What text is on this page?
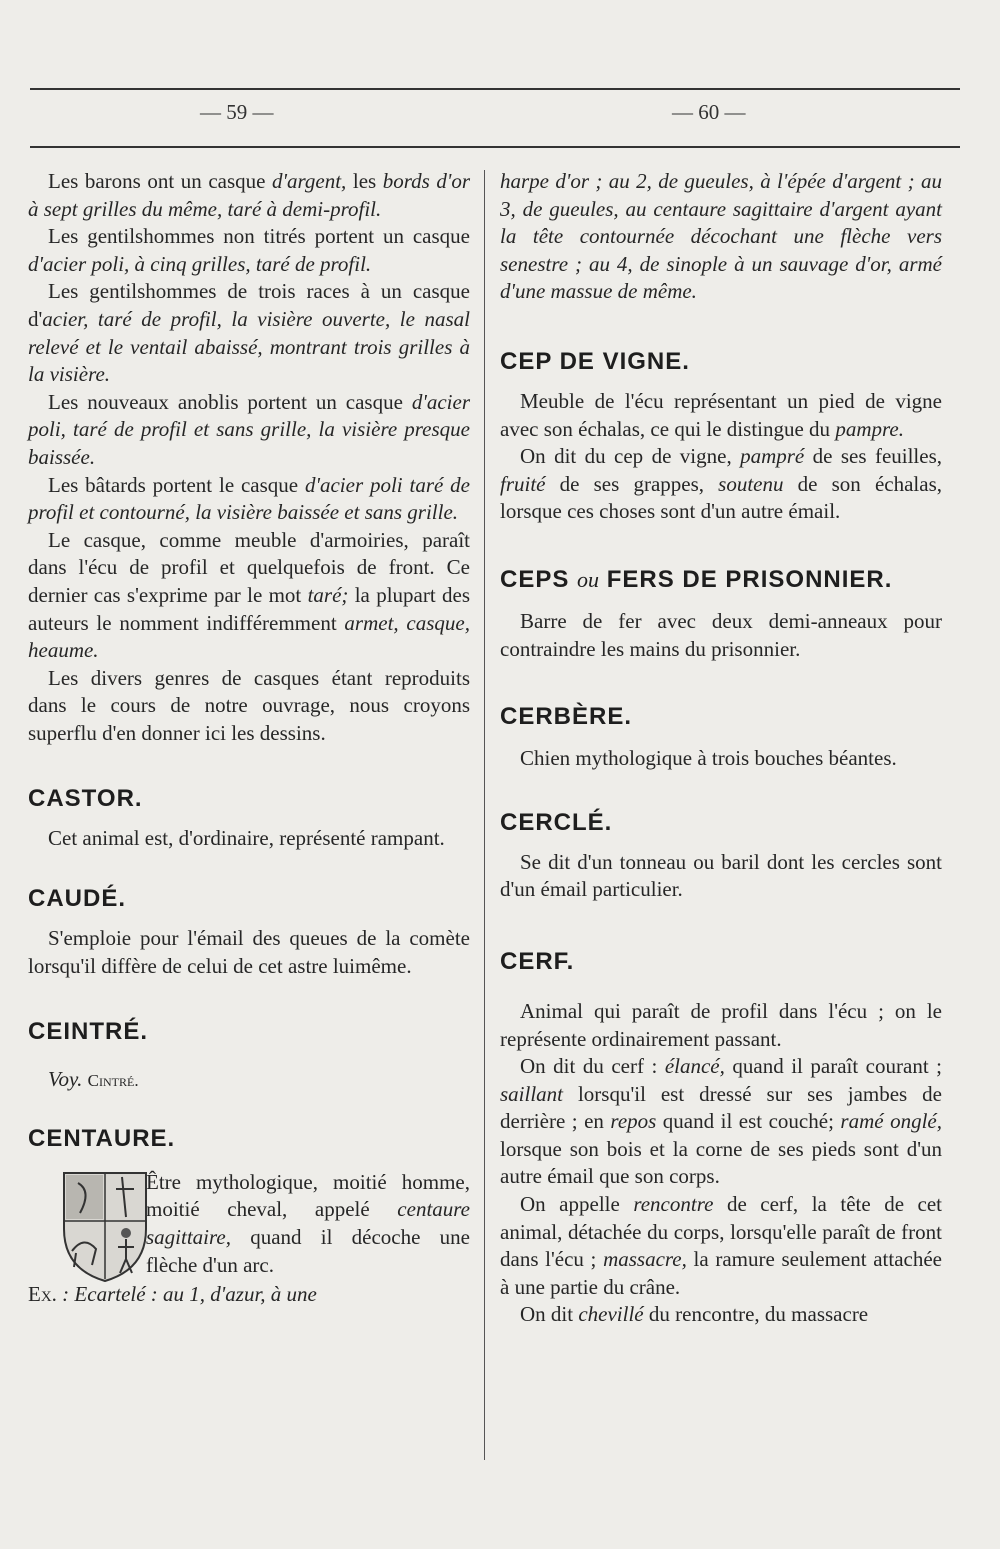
— 59 —	— 60 —

Les barons ont un casque d'argent, les bords d'or à sept grilles du même, taré à demi-profil.

Les gentilshommes non titrés portent un casque d'acier poli, à cinq grilles, taré de profil.

Les gentilshommes de trois races à un casque d'acier, taré de profil, la visière ouverte, le nasal relevé et le ventail abaissé, montrant trois grilles à la visière.

Les nouveaux anoblis portent un casque d'acier poli, taré de profil et sans grille, la visière presque baissée.

Les bâtards portent le casque d'acier poli taré de profil et contourné, la visière baissée et sans grille.

Le casque, comme meuble d'armoiries, paraît dans l'écu de profil et quelquefois de front. Ce dernier cas s'exprime par le mot taré; la plupart des auteurs le nomment indifféremment armet, casque, heaume.

Les divers genres de casques étant reproduits dans le cours de notre ouvrage, nous croyons superflu d'en donner ici les dessins.

CASTOR.

Cet animal est, d'ordinaire, représenté rampant.

CAUDÉ.

S'emploie pour l'émail des queues de la comète lorsqu'il diffère de celui de cet astre luimême.

CEINTRÉ.

Voy. Cintré.

CENTAURE.

Être mythologique, moitié homme, moitié cheval, appelé centaure sagittaire, quand il décoche une flèche d'un arc.

Ex. : Ecartelé : au 1, d'azur, à une

harpe d'or ; au 2, de gueules, à l'épée d'argent ; au 3, de gueules, au centaure sagittaire d'argent ayant la tête contournée décochant une flèche vers senestre ; au 4, de sinople à un sauvage d'or, armé d'une massue de même.

CEP DE VIGNE.

Meuble de l'écu représentant un pied de vigne avec son échalas, ce qui le distingue du pampre.

On dit du cep de vigne, pampré de ses feuilles, fruité de ses grappes, soutenu de son échalas, lorsque ces choses sont d'un autre émail.

CEPS ou FERS DE PRISONNIER.

Barre de fer avec deux demi-anneaux pour contraindre les mains du prisonnier.

CERBÈRE.

Chien mythologique à trois bouches béantes.

CERCLÉ.

Se dit d'un tonneau ou baril dont les cercles sont d'un émail particulier.

CERF.

Animal qui paraît de profil dans l'écu ; on le représente ordinairement passant.

On dit du cerf : élancé, quand il paraît courant ; saillant lorsqu'il est dressé sur ses jambes de derrière ; en repos quand il est couché; ramé onglé, lorsque son bois et la corne de ses pieds sont d'un autre émail que son corps.

On appelle rencontre de cerf, la tête de cet animal, détachée du corps, lorsqu'elle paraît de front dans l'écu ; massacre, la ramure seulement attachée à une partie du crâne.

On dit chevillé du rencontre, du massacre
